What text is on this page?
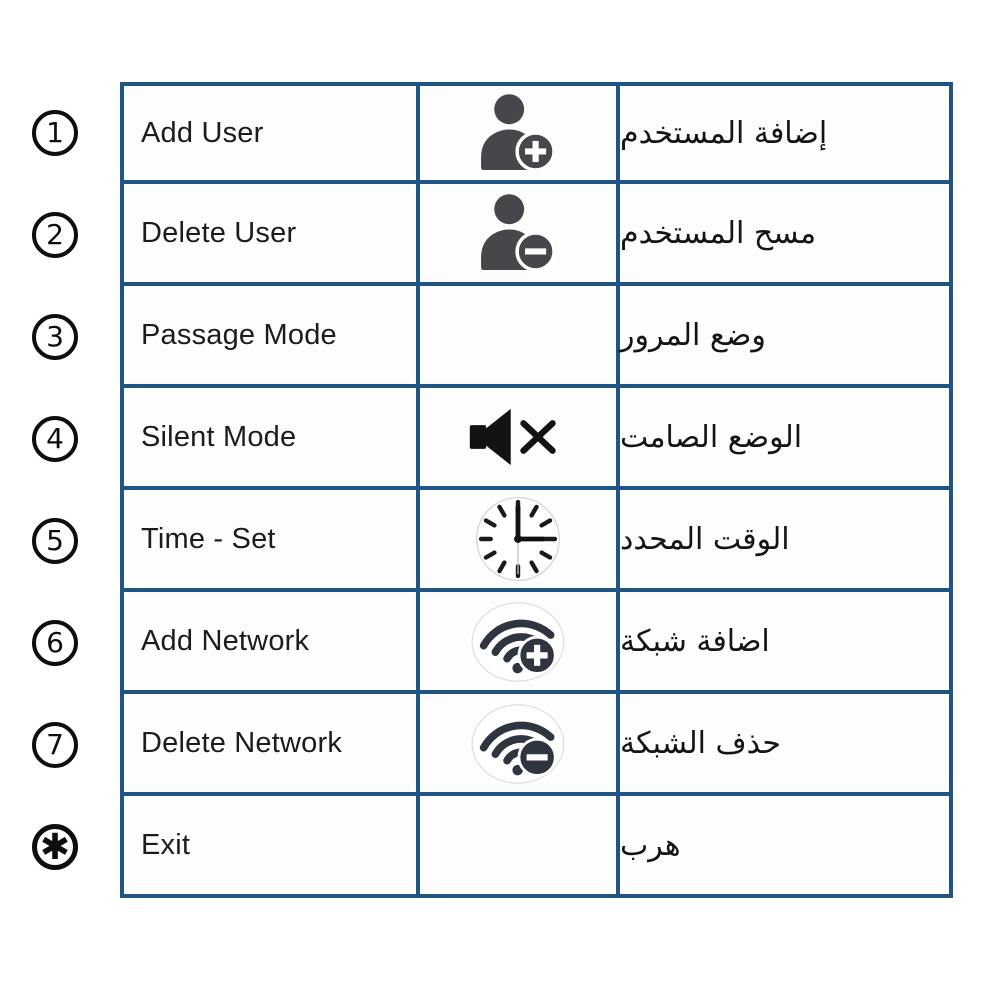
1	Add User	إضافة المستخدم
2	Delete User	مسح المستخدم
3	Passage Mode	وضع المرور
4	Silent Mode	الوضع الصامت
5	Time - Set	الوقت المحدد
6	Add Network	اضافة شبكة
7	Delete Network	حذف الشبكة
✱ Exit	هرب
